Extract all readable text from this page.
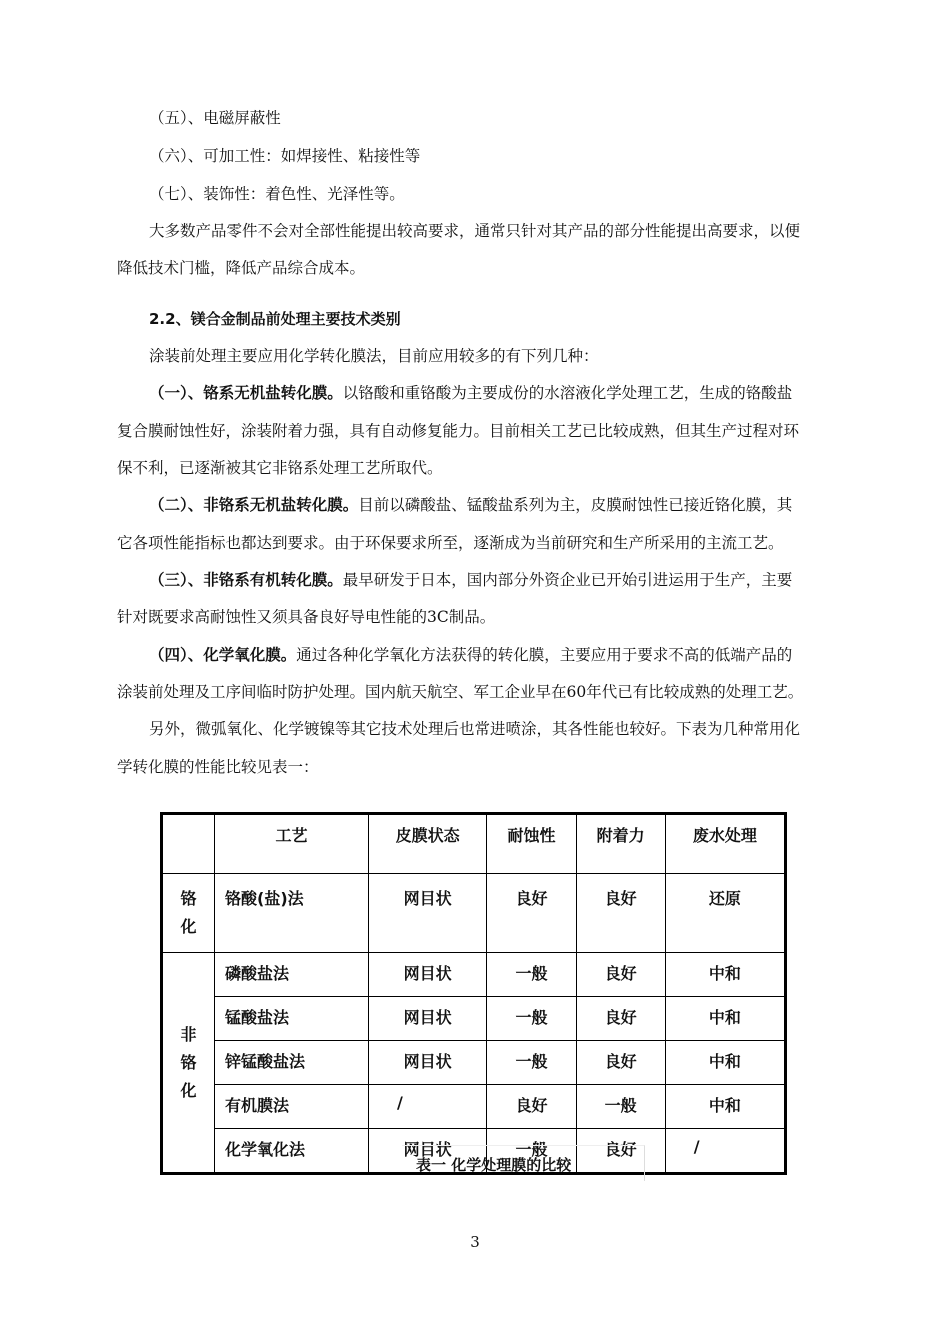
（五）、电磁屏蔽性
（六）、可加工性：如焊接性、粘接性等
（七）、装饰性：着色性、光泽性等。
大多数产品零件不会对全部性能提出较高要求，通常只针对其产品的部分性能提出高要求，以便
降低技术门槛，降低产品综合成本。
2.2、镁合金制品前处理主要技术类别
涂装前处理主要应用化学转化膜法，目前应用较多的有下列几种：
（一）、铬系无机盐转化膜。以铬酸和重铬酸为主要成份的水溶液化学处理工艺，生成的铬酸盐
复合膜耐蚀性好，涂装附着力强，具有自动修复能力。目前相关工艺已比较成熟，但其生产过程对环
保不利，已逐渐被其它非铬系处理工艺所取代。
（二）、非铬系无机盐转化膜。目前以磷酸盐、锰酸盐系列为主，皮膜耐蚀性已接近铬化膜，其
它各项性能指标也都达到要求。由于环保要求所至，逐渐成为当前研究和生产所采用的主流工艺。
（三）、非铬系有机转化膜。最早研发于日本，国内部分外资企业已开始引进运用于生产，主要
针对既要求高耐蚀性又须具备良好导电性能的3C制品。
（四）、化学氧化膜。通过各种化学氧化方法获得的转化膜，主要应用于要求不高的低端产品的
涂装前处理及工序间临时防护处理。国内航天航空、军工企业早在60年代已有比较成熟的处理工艺。
另外，微弧氧化、化学镀镍等其它技术处理后也常进喷涂，其各性能也较好。下表为几种常用化
学转化膜的性能比较见表一：

	工艺	皮膜状态	耐蚀性	附着力	废水处理

铬化	铬酸(盐)法	网目状	良好	良好	还原
非铬化	磷酸盐法	网目状	一般	良好	中和
	锰酸盐法	网目状	一般	良好	中和
	锌锰酸盐法	网目状	一般	良好	中和
	有机膜法	/	良好	一般	中和
	化学氧化法	网目状	一般	良好	/
表一 化学处理膜的比较
3
